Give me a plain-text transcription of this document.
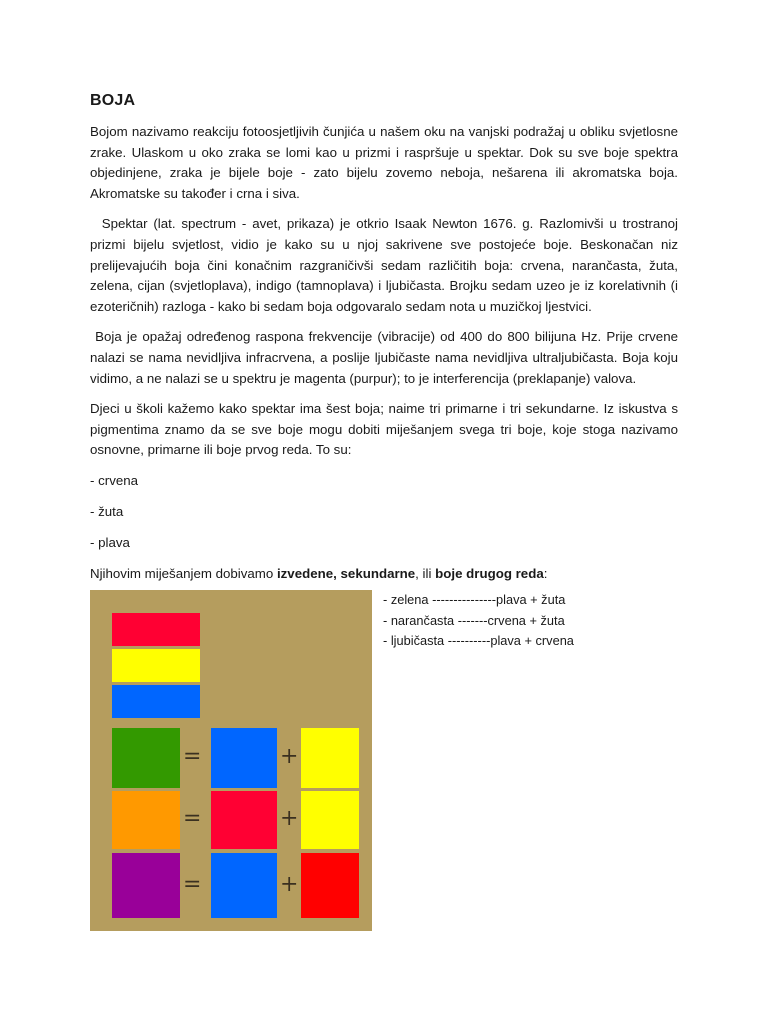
BOJA

Bojom nazivamo reakciju fotoosjetljivih čunjića u našem oku na vanjski podražaj u obliku svjetlosne zrake. Ulaskom u oko zraka se lomi kao u prizmi i raspršuje u spektar. Dok su sve boje spektra objedinjene, zraka je bijele boje - zato bijelu zovemo neboja, nešarena ili akromatska boja. Akromatske su također i crna i siva.

Spektar (lat. spectrum - avet, prikaza) je otkrio Isaak Newton 1676. g. Razlomivši u trostranoj prizmi bijelu svjetlost, vidio je kako su u njoj sakrivene sve postojeće boje. Beskonačan niz prelijevajućih boja čini konačnim razgraničivši sedam različitih boja: crvena, narančasta, žuta, zelena, cijan (svjetloplava), indigo (tamnoplava) i ljubičasta. Brojku sedam uzeo je iz korelativnih (i ezoteričnih) razloga - kako bi sedam boja odgovaralo sedam nota u muzičkoj ljestvici.

Boja je opažaj određenog raspona frekvencije (vibracije) od 400 do 800 bilijuna Hz. Prije crvene nalazi se nama nevidljiva infracrvena, a poslije ljubičaste nama nevidljiva ultraljubičasta. Boja koju vidimo, a ne nalazi se u spektru je magenta (purpur); to je interferencija (preklapanje) valova.

Djeci u školi kažemo kako spektar ima šest boja; naime tri primarne i tri sekundarne. Iz iskustva s pigmentima znamo da se sve boje mogu dobiti miješanjem svega tri boje, koje stoga nazivamo osnovne, primarne ili boje prvog reda. To su:

- crvena
- žuta
- plava
Njihovim miješanjem dobivamo izvedene, sekundarne, ili boje drugog reda:
=	+
=	+
=	+
- zelena ---------------plava + žuta
- narančasta -------crvena + žuta
- ljubičasta ----------plava + crvena
